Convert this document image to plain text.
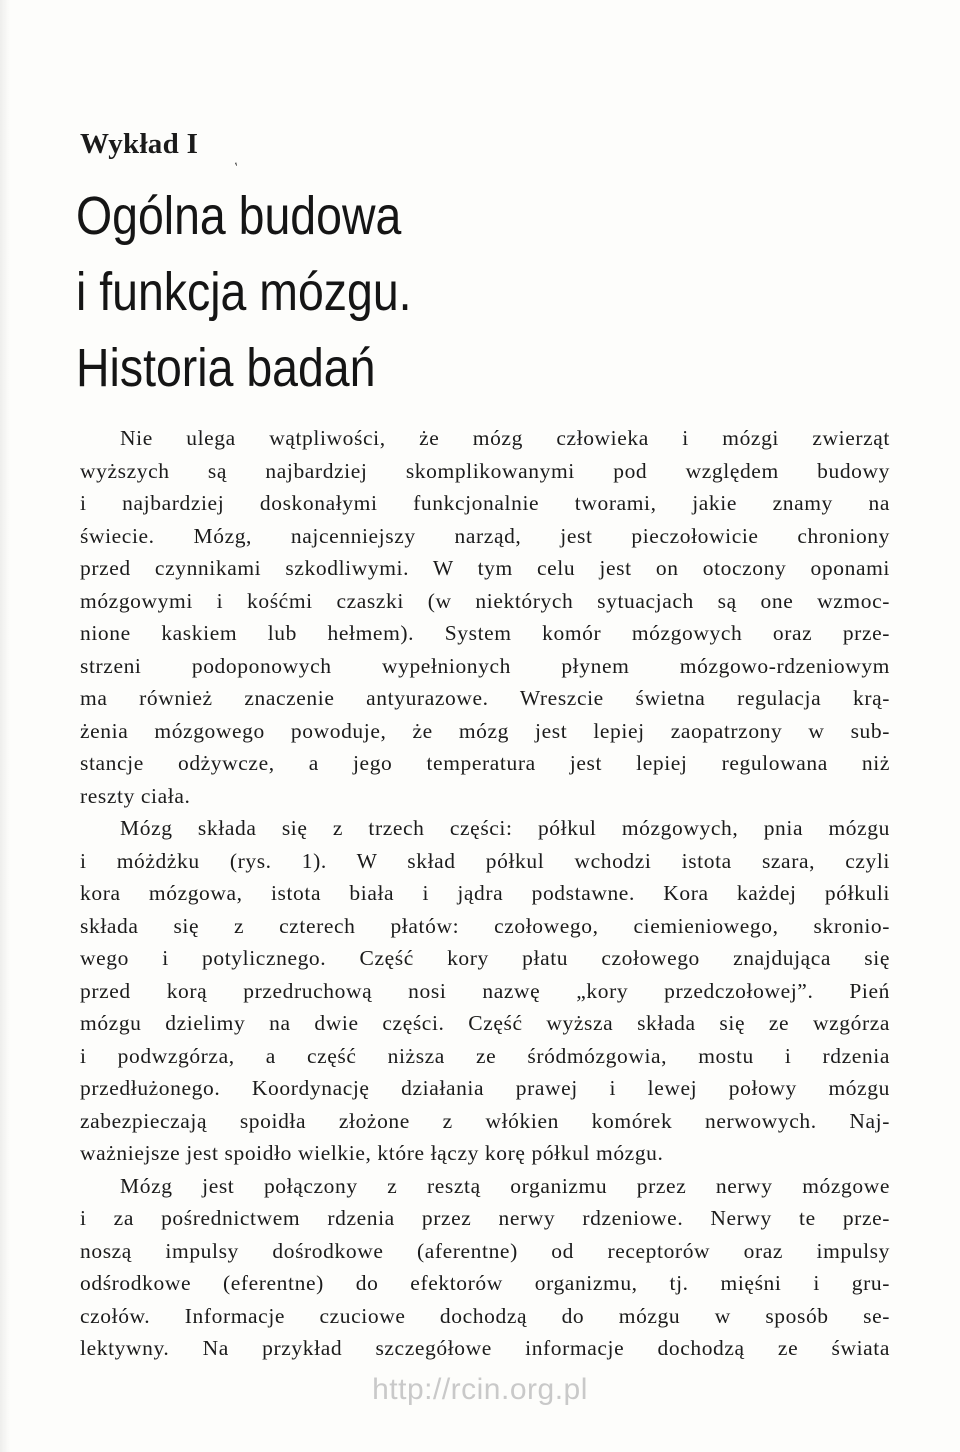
Wykład I
′
Ogólna budowa
i funkcja mózgu.
Historia badań
Nie ulega wątpliwości, że mózg człowieka i mózgi zwierząt
wyższych są najbardziej skomplikowanymi pod względem budowy
i najbardziej doskonałymi funkcjonalnie tworami, jakie znamy na
świecie. Mózg, najcenniejszy narząd, jest pieczołowicie chroniony
przed czynnikami szkodliwymi. W tym celu jest on otoczony oponami
mózgowymi i kośćmi czaszki (w niektórych sytuacjach są one wzmoc-
nione kaskiem lub hełmem). System komór mózgowych oraz prze-
strzeni podoponowych wypełnionych płynem mózgowo-rdzeniowym
ma również znaczenie antyurazowe. Wreszcie świetna regulacja krą-
żenia mózgowego powoduje, że mózg jest lepiej zaopatrzony w sub-
stancje odżywcze, a jego temperatura jest lepiej regulowana niż
reszty ciała.
Mózg składa się z trzech części: półkul mózgowych, pnia mózgu
i móżdżku (rys. 1). W skład półkul wchodzi istota szara, czyli
kora mózgowa, istota biała i jądra podstawne. Kora każdej półkuli
składa się z czterech płatów: czołowego, ciemieniowego, skronio-
wego i potylicznego. Część kory płatu czołowego znajdująca się
przed korą przedruchową nosi nazwę „kory przedczołowej”. Pień
mózgu dzielimy na dwie części. Część wyższa składa się ze wzgórza
i podwzgórza, a część niższa ze śródmózgowia, mostu i rdzenia
przedłużonego. Koordynację działania prawej i lewej połowy mózgu
zabezpieczają spoidła złożone z włókien komórek nerwowych. Naj-
ważniejsze jest spoidło wielkie, które łączy korę półkul mózgu.
Mózg jest połączony z resztą organizmu przez nerwy mózgowe
i za pośrednictwem rdzenia przez nerwy rdzeniowe. Nerwy te prze-
noszą impulsy dośrodkowe (aferentne) od receptorów oraz impulsy
odśrodkowe (eferentne) do efektorów organizmu, tj. mięśni i gru-
czołów. Informacje czuciowe dochodzą do mózgu w sposób se-
lektywny. Na przykład szczegółowe informacje dochodzą ze świata
http://rcin.org.pl
